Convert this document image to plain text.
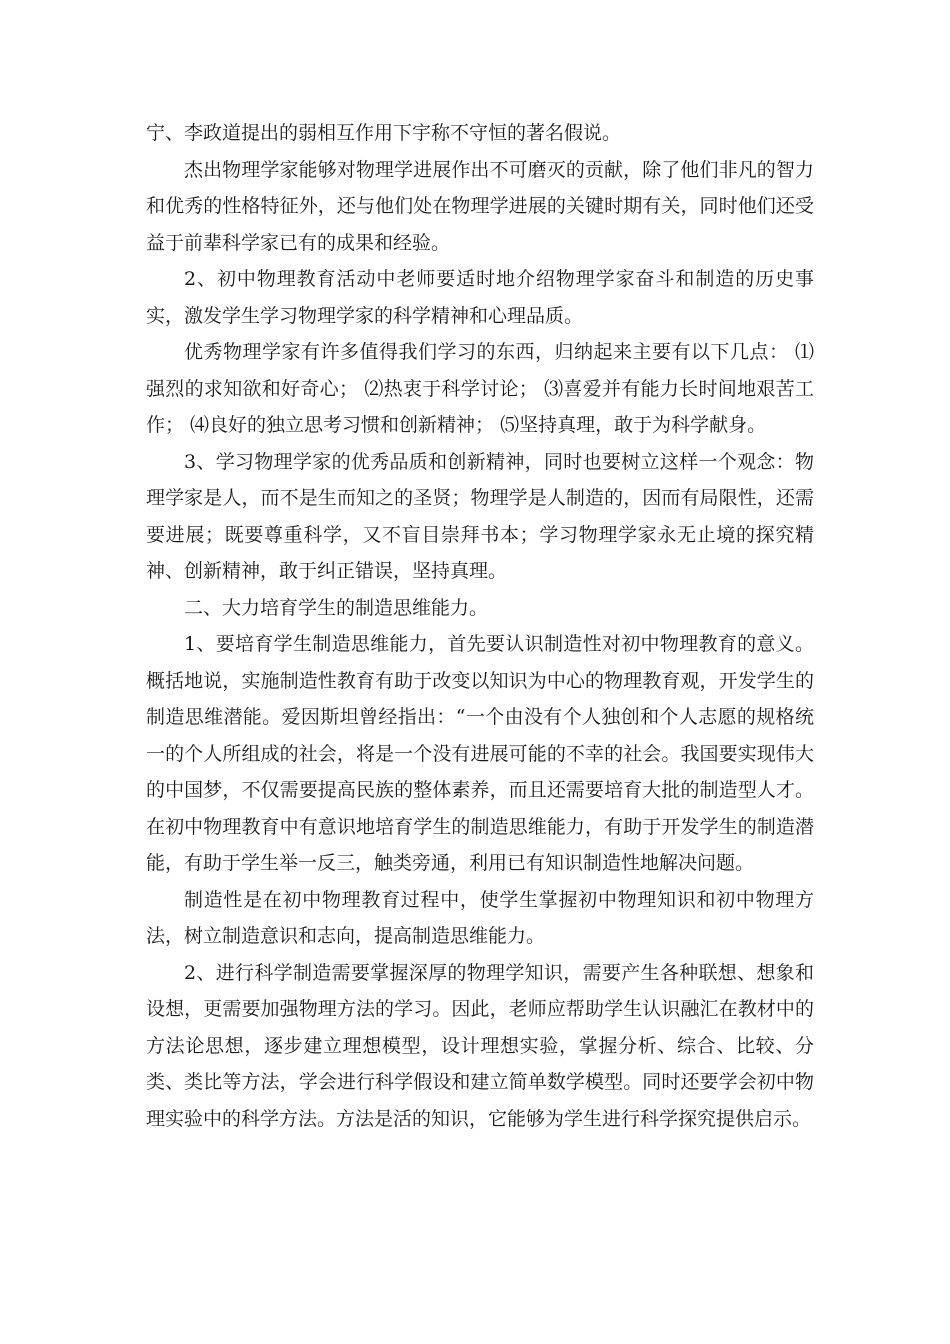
宁、李政道提出的弱相互作用下宇称不守恒的著名假说。

杰出物理学家能够对物理学进展作出不可磨灭的贡献，除了他们非凡的智力和优秀的性格特征外，还与他们处在物理学进展的关键时期有关，同时他们还受益于前辈科学家已有的成果和经验。

2、初中物理教育活动中老师要适时地介绍物理学家奋斗和制造的历史事实，激发学生学习物理学家的科学精神和心理品质。

优秀物理学家有许多值得我们学习的东西，归纳起来主要有以下几点： ⑴强烈的求知欲和好奇心； ⑵热衷于科学讨论； ⑶喜爱并有能力长时间地艰苦工作； ⑷良好的独立思考习惯和创新精神； ⑸坚持真理，敢于为科学献身。

3、学习物理学家的优秀品质和创新精神，同时也要树立这样一个观念：物理学家是人，而不是生而知之的圣贤；物理学是人制造的，因而有局限性，还需要进展；既要尊重科学，又不盲目崇拜书本；学习物理学家永无止境的探究精神、创新精神，敢于纠正错误，坚持真理。

二、大力培育学生的制造思维能力。

1、要培育学生制造思维能力，首先要认识制造性对初中物理教育的意义。概括地说，实施制造性教育有助于改变以知识为中心的物理教育观，开发学生的制造思维潜能。爱因斯坦曾经指出：“一个由没有个人独创和个人志愿的规格统一的个人所组成的社会，将是一个没有进展可能的不幸的社会。我国要实现伟大的中国梦，不仅需要提高民族的整体素养，而且还需要培育大批的制造型人才。在初中物理教育中有意识地培育学生的制造思维能力，有助于开发学生的制造潜能，有助于学生举一反三，触类旁通，利用已有知识制造性地解决问题。

制造性是在初中物理教育过程中，使学生掌握初中物理知识和初中物理方法，树立制造意识和志向，提高制造思维能力。

2、进行科学制造需要掌握深厚的物理学知识，需要产生各种联想、想象和设想，更需要加强物理方法的学习。因此，老师应帮助学生认识融汇在教材中的方法论思想，逐步建立理想模型，设计理想实验，掌握分析、综合、比较、分类、类比等方法，学会进行科学假设和建立简单数学模型。同时还要学会初中物理实验中的科学方法。方法是活的知识，它能够为学生进行科学探究提供启示。
